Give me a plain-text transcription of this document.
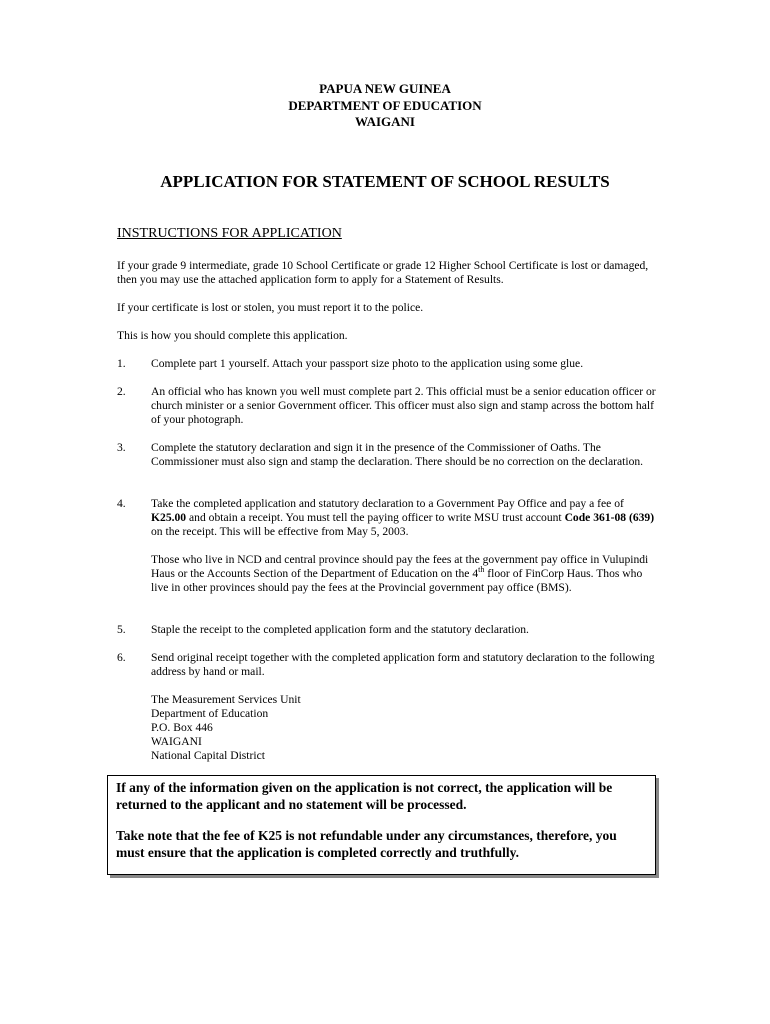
PAPUA NEW GUINEA
DEPARTMENT OF EDUCATION
WAIGANI
APPLICATION FOR STATEMENT OF SCHOOL RESULTS
INSTRUCTIONS FOR APPLICATION
If your grade 9 intermediate, grade 10 School Certificate or grade 12 Higher School Certificate is lost or damaged, then you may use the attached application form to apply for a Statement of Results.
If your certificate is lost or stolen, you must report it to the police.
This is how you should complete this application.
1. Complete part 1 yourself. Attach your passport size photo to the application using some glue.
2. An official who has known you well must complete part 2. This official must be a senior education officer or church minister or a senior Government officer. This officer must also sign and stamp across the bottom half of your photograph.
3. Complete the statutory declaration and sign it in the presence of the Commissioner of Oaths. The Commissioner must also sign and stamp the declaration. There should be no correction on the declaration.
4. Take the completed application and statutory declaration to a Government Pay Office and pay a fee of K25.00 and obtain a receipt. You must tell the paying officer to write MSU trust account Code 361-08 (639) on the receipt. This will be effective from May 5, 2003.
Those who live in NCD and central province should pay the fees at the government pay office in Vulupindi Haus or the Accounts Section of the Department of Education on the 4th floor of FinCorp Haus. Thos who live in other provinces should pay the fees at the Provincial government pay office (BMS).
5. Staple the receipt to the completed application form and the statutory declaration.
6. Send original receipt together with the completed application form and statutory declaration to the following address by hand or mail.
The Measurement Services Unit
Department of Education
P.O. Box 446
WAIGANI
National Capital District

If any of the information given on the application is not correct, the application will be returned to the applicant and no statement will be processed.

Take note that the fee of K25 is not refundable under any circumstances, therefore, you must ensure that the application is completed correctly and truthfully.
